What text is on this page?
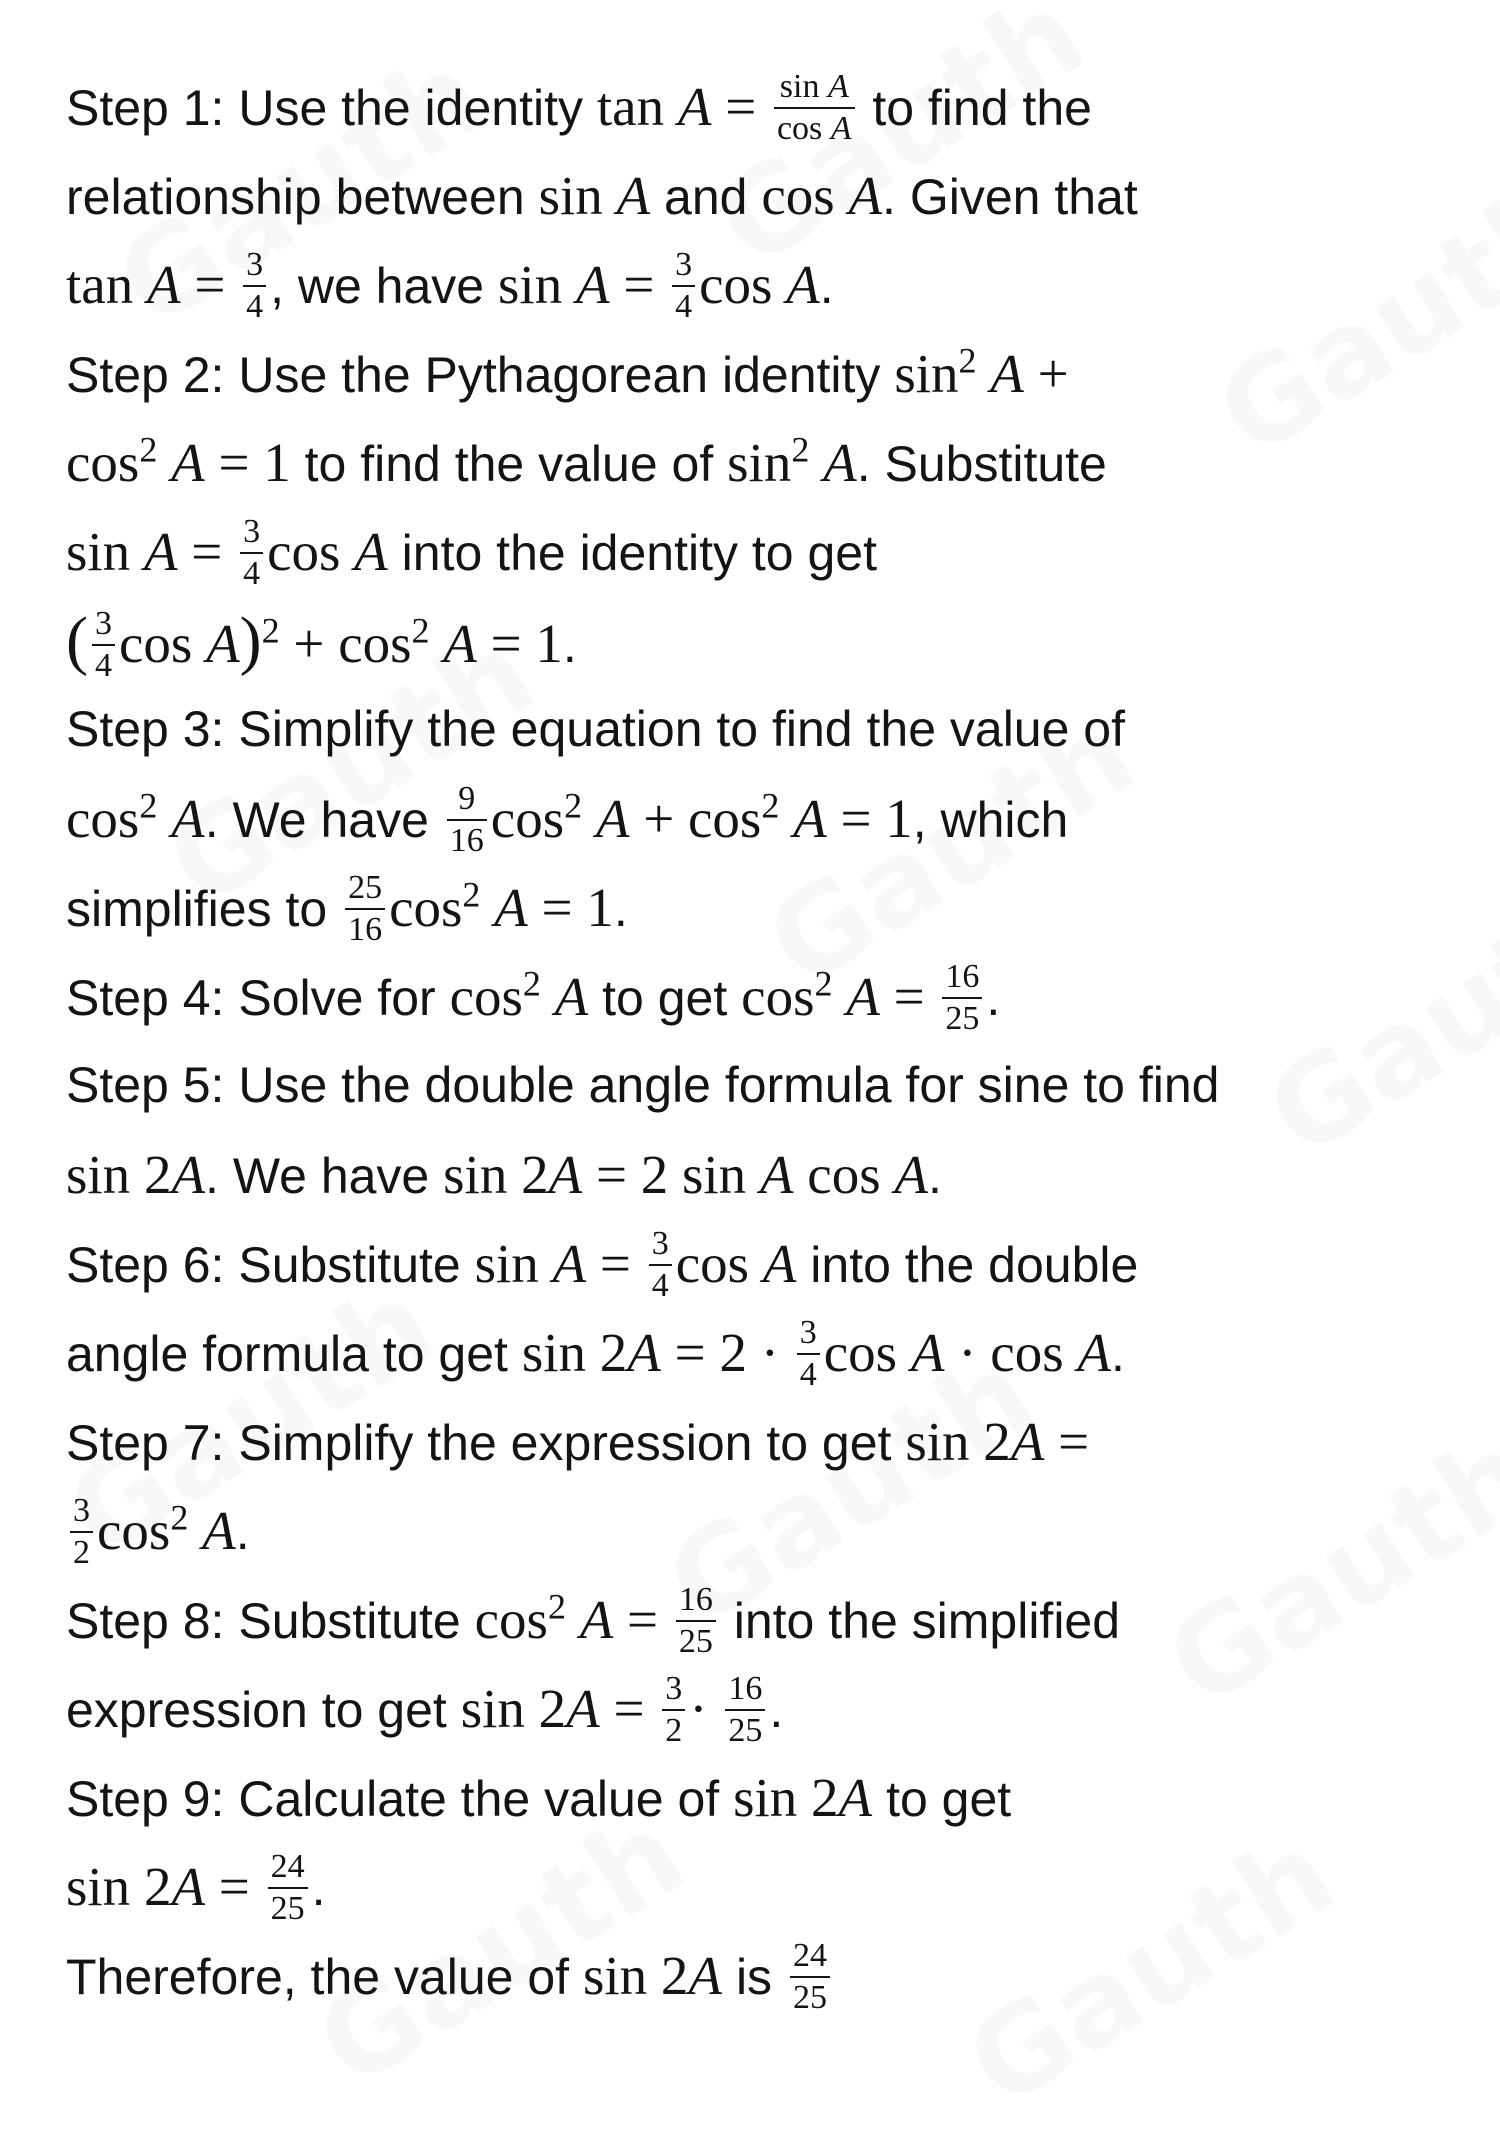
Step 1: Use the identity $\tan A = \frac{\text{sin A}}{\text{cos A}}$ to find the
relationship between sin A and cos A. Given that
$\tan A = \frac{3}{4}$ , we have $\sin A = \frac{3}{4}$ cos A.
Step 2: Use the Pythagorean identity $\sin^2 A$ +
$\cos^2 A = 1$ to find the value of $\sin^2 A$. Substitute
$\sin A = \frac{3}{4}$ cos A into the identity to get
( $\frac{3}{4}$ $\cos A)^2 + \cos^2 A = 1$.
Step 3: Simplify the equation to find the value of
$\cos^2 A$. We have $\frac{9}{16} \cos^2 A + \cos^2 A = 1$, which
simplifies to $\frac{25}{16} \cos^2 A = 1$.
Step 4: Solve for $\cos^2 A$ to get $\cos^2 A = \frac{16}{25}$ .
Step 5: Use the double angle formula for sine to find
sin 2A. We have sin 2A = 2 sin A cos A.
Step 6: Substitute $\sin A = \frac{3}{4}$ cos A into the double
angle formula to get $\sin 2A = 2 \cdot \frac{3}{4}$ cos A · cos A.
Step 7: Simplify the expression to get sin 2A =
$\frac{3}{2} \cos^2 A$.
Step 8: Substitute $\cos^2 A = \frac{16}{25}$ into the simplified
expression to get $\sin 2A = \frac{3}{2} \cdot \frac{16}{25}$ .
Step 9: Calculate the value of sin 2A to get
$\sin 2A = \frac{24}{25}$ .
Therefore, the value of sin 2A is $\frac{24}{25}$
